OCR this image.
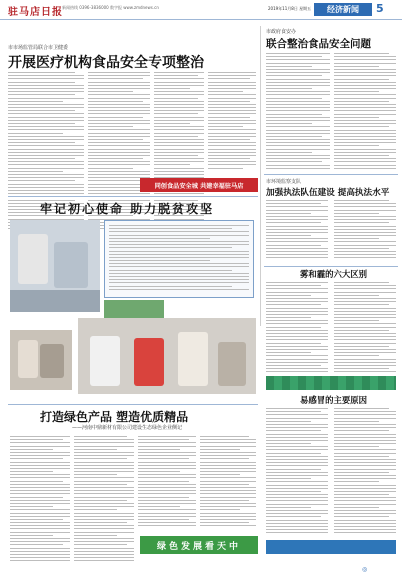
驻马店日报 新闻热线 0396-3836000 数字报 www.zmdnews.cn	2019年11月8日 星期五	经济新闻	5
市市场监管局联合市卫健委
开展医疗机构食品安全专项整治
同创食品安全城 共建幸福驻马店
市政府食安办
联合整治食品安全问题
市环境监察支队
加强执法队伍建设 提高执法水平
雾和霾的六大区别
易感冒的主要原因
◎
牢记初心使命 助力脱贫攻坚
打造绿色产品 塑造优质精品
——河南中鼎新材有限公司建设生态绿色企业侧记
绿色发展看天中
